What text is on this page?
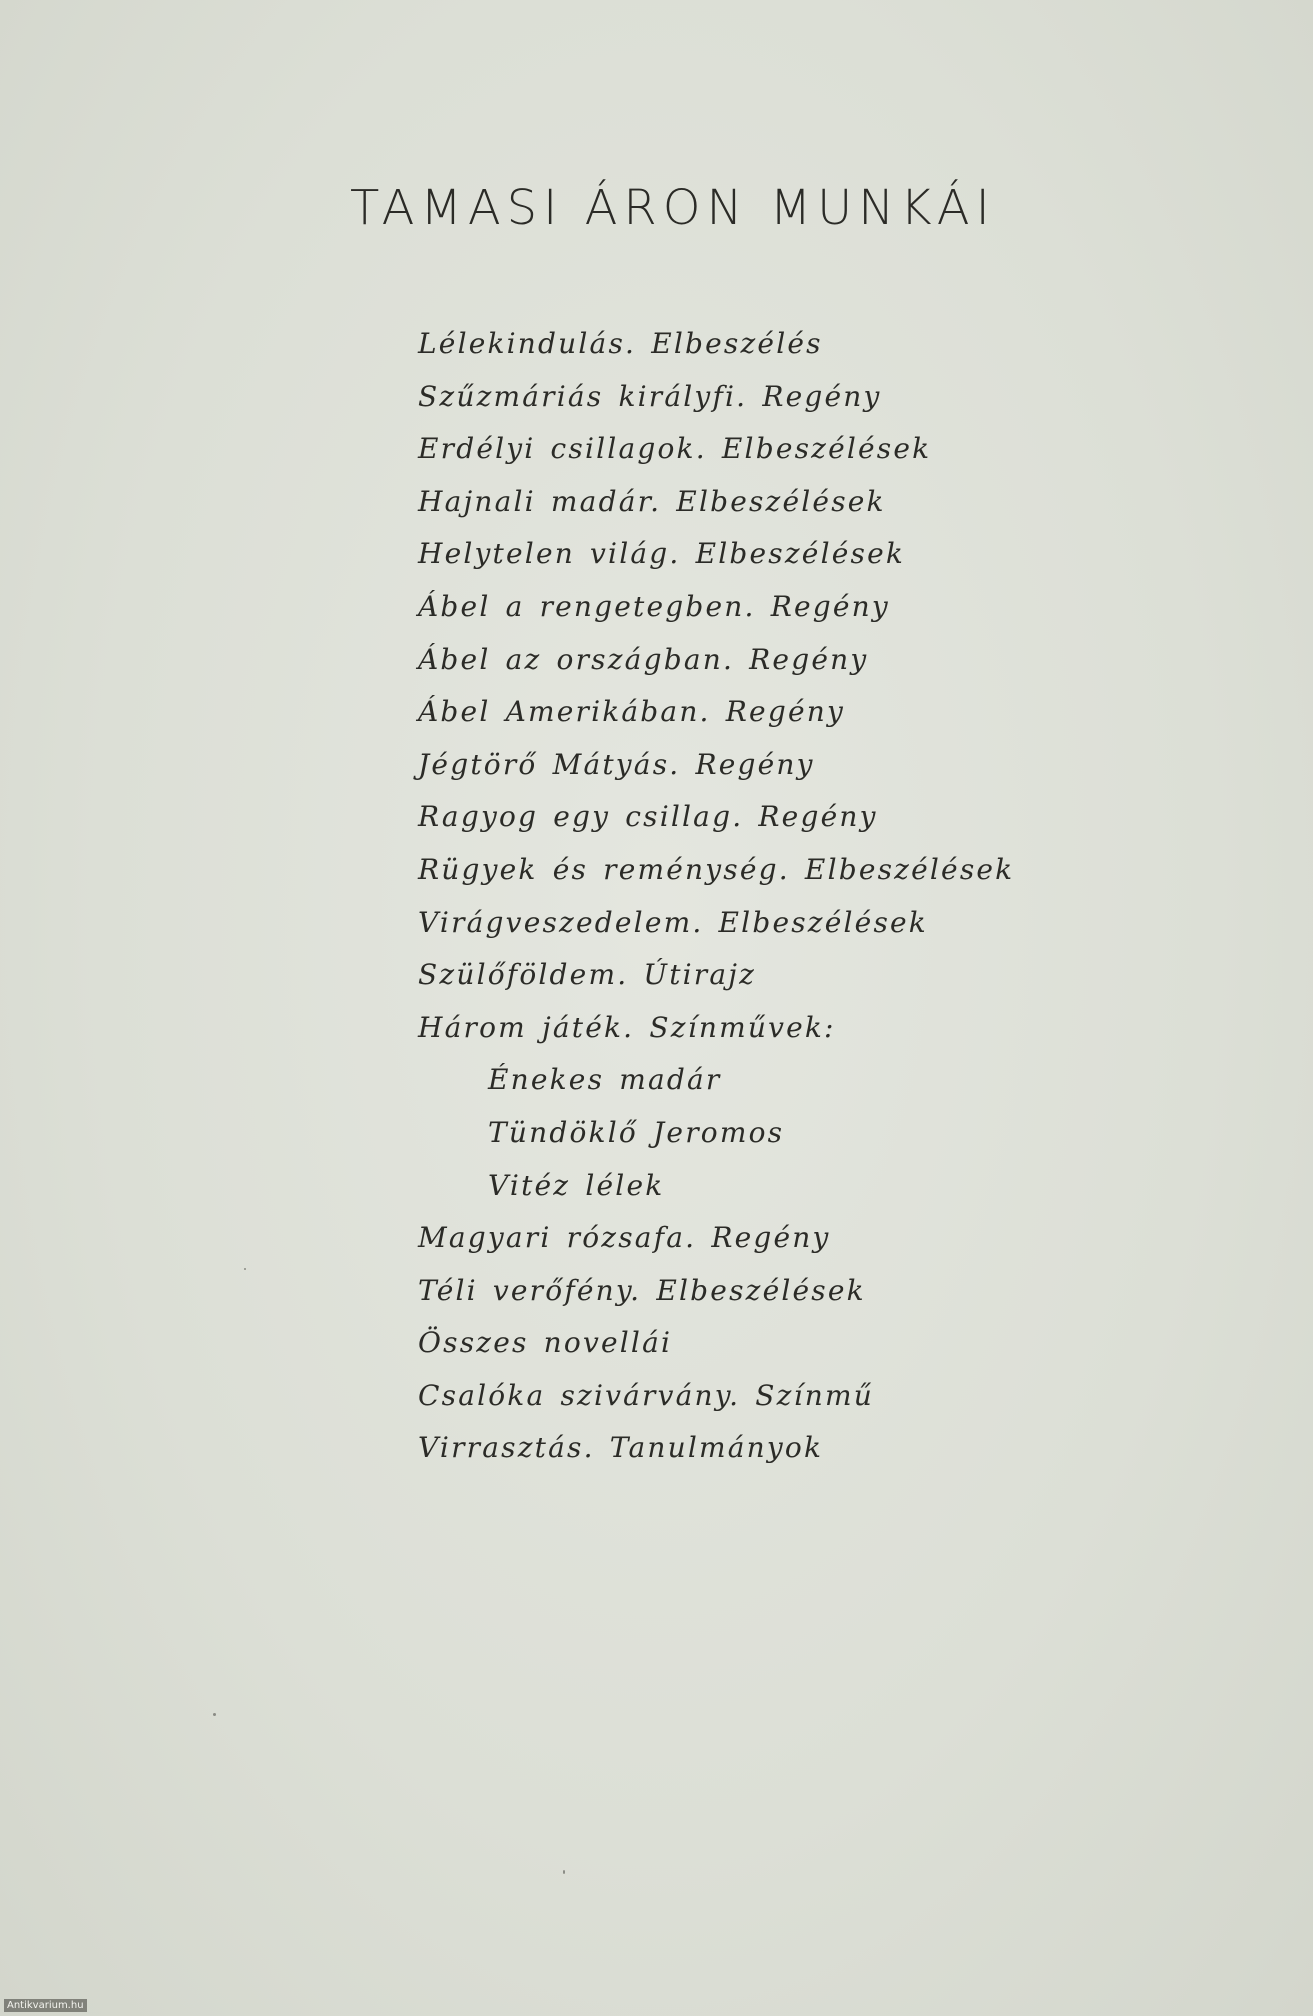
TAMASI ÁRON MUNKÁI
Lélekindulás. Elbeszélés
Szűzmáriás királyfi. Regény
Erdélyi csillagok. Elbeszélések
Hajnali madár. Elbeszélések
Helytelen világ. Elbeszélések
Ábel a rengetegben. Regény
Ábel az országban. Regény
Ábel Amerikában. Regény
Jégtörő Mátyás. Regény
Ragyog egy csillag. Regény
Rügyek és reménység. Elbeszélések
Virágveszedelem. Elbeszélések
Szülőföldem. Útirajz
Három játék. Színművek:
Énekes madár
Tündöklő Jeromos
Vitéz lélek
Magyari rózsafa. Regény
Téli verőfény. Elbeszélések
Összes novellái
Csalóka szivárvány. Színmű
Virrasztás. Tanulmányok
Antikvarium.hu
